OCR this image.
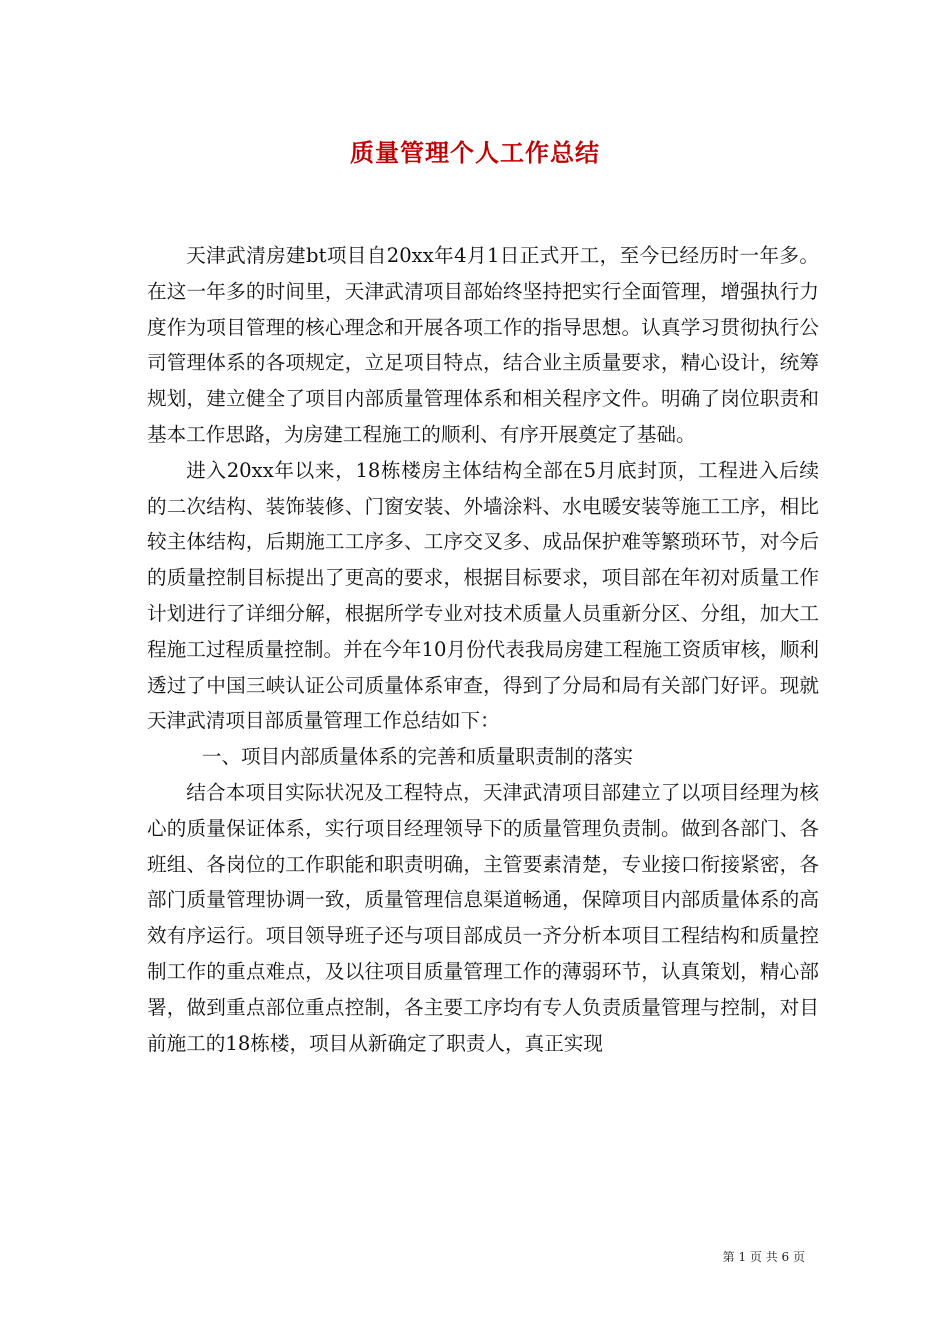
质量管理个人工作总结

天津武清房建bt项目自20xx年4月1日正式开工，至今已经历时一年多。在这一年多的时间里，天津武清项目部始终坚持把实行全面管理，增强执行力度作为项目管理的核心理念和开展各项工作的指导思想。认真学习贯彻执行公司管理体系的各项规定，立足项目特点，结合业主质量要求，精心设计，统筹规划，建立健全了项目内部质量管理体系和相关程序文件。明确了岗位职责和基本工作思路，为房建工程施工的顺利、有序开展奠定了基础。

进入20xx年以来，18栋楼房主体结构全部在5月底封顶，工程进入后续的二次结构、装饰装修、门窗安装、外墙涂料、水电暖安装等施工工序，相比较主体结构，后期施工工序多、工序交叉多、成品保护难等繁琐环节，对今后的质量控制目标提出了更高的要求，根据目标要求，项目部在年初对质量工作计划进行了详细分解，根据所学专业对技术质量人员重新分区、分组，加大工程施工过程质量控制。并在今年10月份代表我局房建工程施工资质审核，顺利透过了中国三峡认证公司质量体系审查，得到了分局和局有关部门好评。现就天津武清项目部质量管理工作总结如下：

一、项目内部质量体系的完善和质量职责制的落实

结合本项目实际状况及工程特点，天津武清项目部建立了以项目经理为核心的质量保证体系，实行项目经理领导下的质量管理负责制。做到各部门、各班组、各岗位的工作职能和职责明确，主管要素清楚，专业接口衔接紧密，各部门质量管理协调一致，质量管理信息渠道畅通，保障项目内部质量体系的高效有序运行。项目领导班子还与项目部成员一齐分析本项目工程结构和质量控制工作的重点难点，及以往项目质量管理工作的薄弱环节，认真策划，精心部署，做到重点部位重点控制，各主要工序均有专人负责质量管理与控制，对目前施工的18栋楼，项目从新确定了职责人，真正实现

第 1 页 共 6 页
